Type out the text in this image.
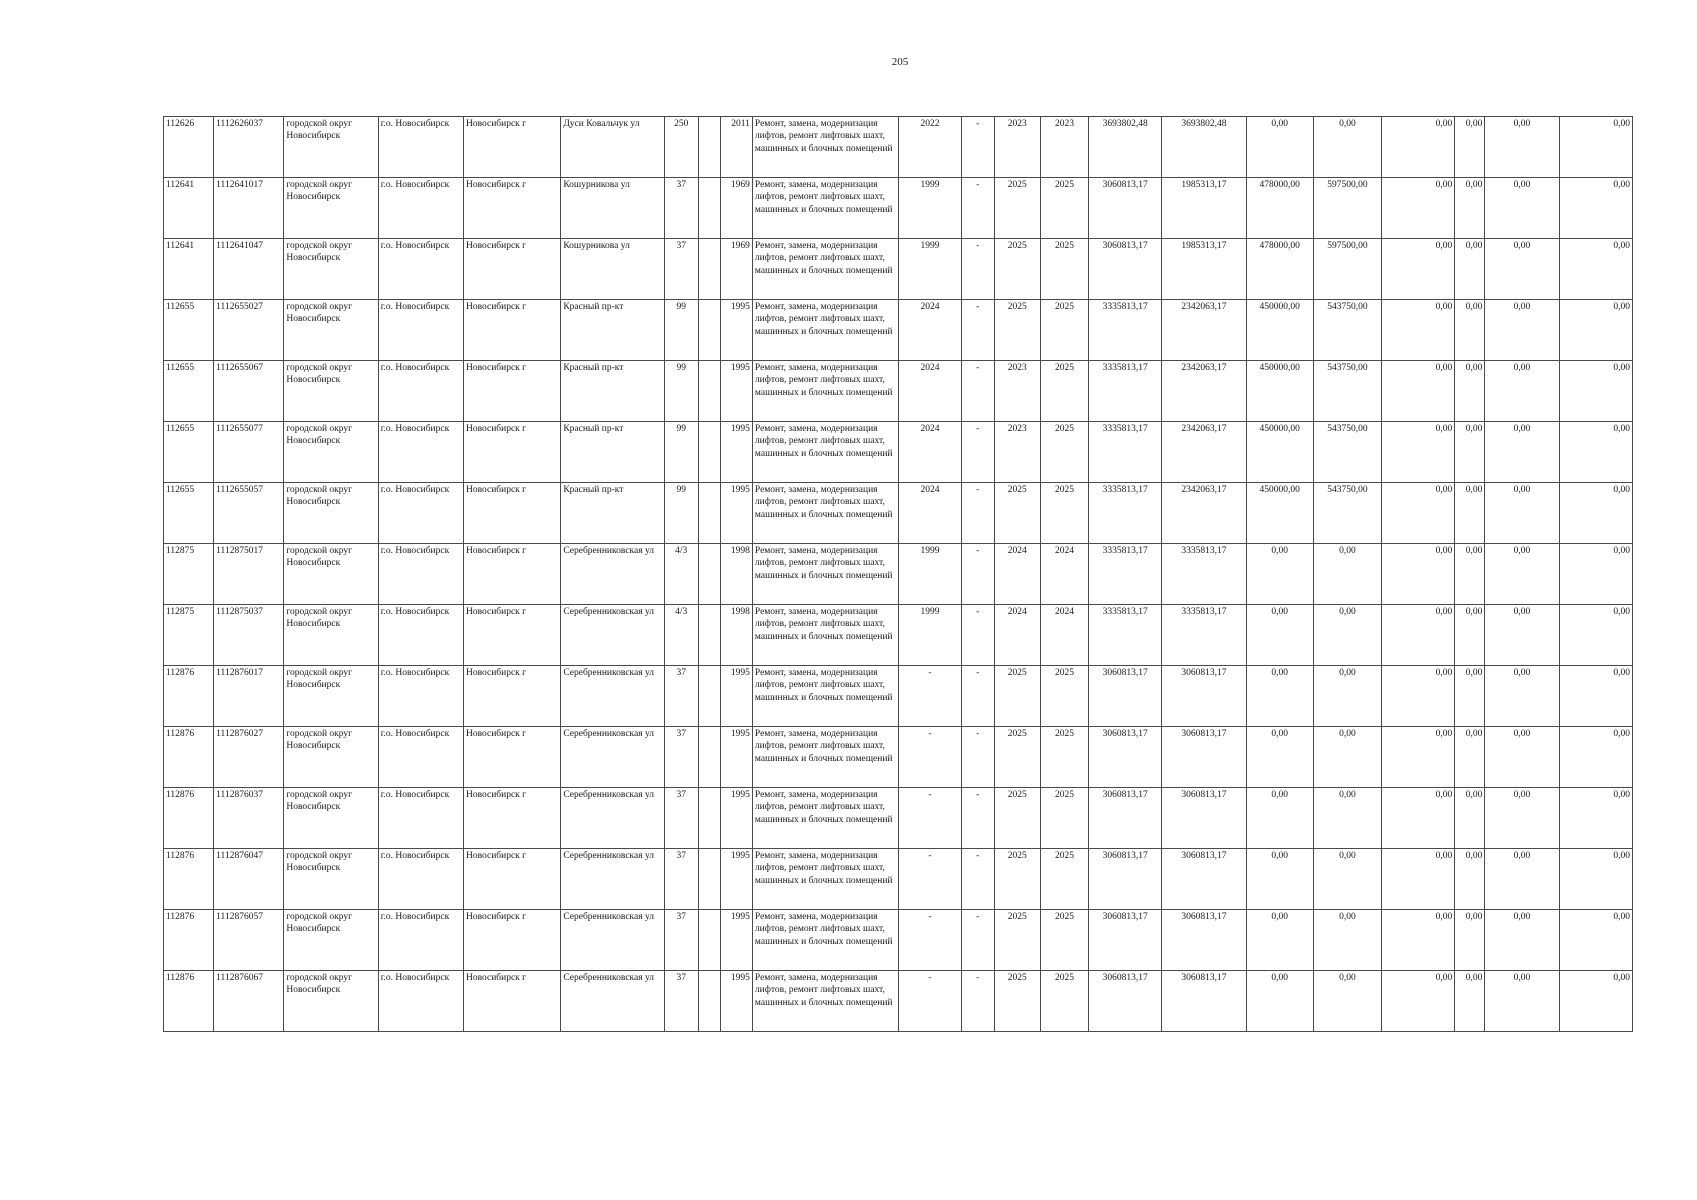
205
112626	1112626037	городской округ Новосибирск	г.о. Новосибирск	Новосибирск г	Дуси Ковальчук ул	250		2011	Ремонт, замена, модернизация лифтов, ремонт лифтовых шахт, машинных и блочных помещений	2022	-	2023	2023	3693802,48	3693802,48	0,00	0,00	0,00	0,00	0,00	0,00
112641	1112641017	городской округ Новосибирск	г.о. Новосибирск	Новосибирск г	Кошурникова ул	37		1969	Ремонт, замена, модернизация лифтов, ремонт лифтовых шахт, машинных и блочных помещений	1999	-	2025	2025	3060813,17	1985313,17	478000,00	597500,00	0,00	0,00	0,00	0,00
112641	1112641047	городской округ Новосибирск	г.о. Новосибирск	Новосибирск г	Кошурникова ул	37		1969	Ремонт, замена, модернизация лифтов, ремонт лифтовых шахт, машинных и блочных помещений	1999	-	2025	2025	3060813,17	1985313,17	478000,00	597500,00	0,00	0,00	0,00	0,00
112655	1112655027	городской округ Новосибирск	г.о. Новосибирск	Новосибирск г	Красный пр-кт	99		1995	Ремонт, замена, модернизация лифтов, ремонт лифтовых шахт, машинных и блочных помещений	2024	-	2025	2025	3335813,17	2342063,17	450000,00	543750,00	0,00	0,00	0,00	0,00
112655	1112655067	городской округ Новосибирск	г.о. Новосибирск	Новосибирск г	Красный пр-кт	99		1995	Ремонт, замена, модернизация лифтов, ремонт лифтовых шахт, машинных и блочных помещений	2024	-	2023	2025	3335813,17	2342063,17	450000,00	543750,00	0,00	0,00	0,00	0,00
112655	1112655077	городской округ Новосибирск	г.о. Новосибирск	Новосибирск г	Красный пр-кт	99		1995	Ремонт, замена, модернизация лифтов, ремонт лифтовых шахт, машинных и блочных помещений	2024	-	2023	2025	3335813,17	2342063,17	450000,00	543750,00	0,00	0,00	0,00	0,00
112655	1112655057	городской округ Новосибирск	г.о. Новосибирск	Новосибирск г	Красный пр-кт	99		1995	Ремонт, замена, модернизация лифтов, ремонт лифтовых шахт, машинных и блочных помещений	2024	-	2025	2025	3335813,17	2342063,17	450000,00	543750,00	0,00	0,00	0,00	0,00
112875	1112875017	городской округ Новосибирск	г.о. Новосибирск	Новосибирск г	Серебренниковская ул	4/3		1998	Ремонт, замена, модернизация лифтов, ремонт лифтовых шахт, машинных и блочных помещений	1999	-	2024	2024	3335813,17	3335813,17	0,00	0,00	0,00	0,00	0,00	0,00
112875	1112875037	городской округ Новосибирск	г.о. Новосибирск	Новосибирск г	Серебренниковская ул	4/3		1998	Ремонт, замена, модернизация лифтов, ремонт лифтовых шахт, машинных и блочных помещений	1999	-	2024	2024	3335813,17	3335813,17	0,00	0,00	0,00	0,00	0,00	0,00
112876	1112876017	городской округ Новосибирск	г.о. Новосибирск	Новосибирск г	Серебренниковская ул	37		1995	Ремонт, замена, модернизация лифтов, ремонт лифтовых шахт, машинных и блочных помещений	-	-	2025	2025	3060813,17	3060813,17	0,00	0,00	0,00	0,00	0,00	0,00
112876	1112876027	городской округ Новосибирск	г.о. Новосибирск	Новосибирск г	Серебренниковская ул	37		1995	Ремонт, замена, модернизация лифтов, ремонт лифтовых шахт, машинных и блочных помещений	-	-	2025	2025	3060813,17	3060813,17	0,00	0,00	0,00	0,00	0,00	0,00
112876	1112876037	городской округ Новосибирск	г.о. Новосибирск	Новосибирск г	Серебренниковская ул	37		1995	Ремонт, замена, модернизация лифтов, ремонт лифтовых шахт, машинных и блочных помещений	-	-	2025	2025	3060813,17	3060813,17	0,00	0,00	0,00	0,00	0,00	0,00
112876	1112876047	городской округ Новосибирск	г.о. Новосибирск	Новосибирск г	Серебренниковская ул	37		1995	Ремонт, замена, модернизация лифтов, ремонт лифтовых шахт, машинных и блочных помещений	-	-	2025	2025	3060813,17	3060813,17	0,00	0,00	0,00	0,00	0,00	0,00
112876	1112876057	городской округ Новосибирск	г.о. Новосибирск	Новосибирск г	Серебренниковская ул	37		1995	Ремонт, замена, модернизация лифтов, ремонт лифтовых шахт, машинных и блочных помещений	-	-	2025	2025	3060813,17	3060813,17	0,00	0,00	0,00	0,00	0,00	0,00
112876	1112876067	городской округ Новосибирск	г.о. Новосибирск	Новосибирск г	Серебренниковская ул	37		1995	Ремонт, замена, модернизация лифтов, ремонт лифтовых шахт, машинных и блочных помещений	-	-	2025	2025	3060813,17	3060813,17	0,00	0,00	0,00	0,00	0,00	0,00
